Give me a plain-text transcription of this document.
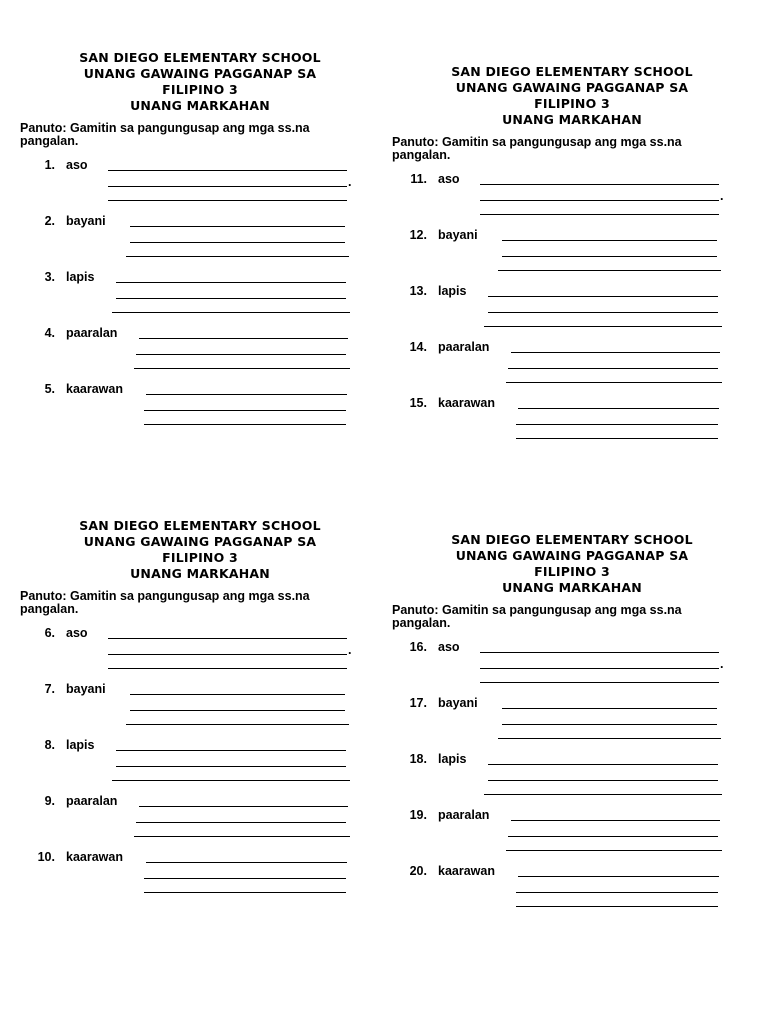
SAN DIEGO ELEMENTARY SCHOOL
UNANG GAWAING PAGGANAP SA
FILIPINO 3
UNANG MARKAHAN
Panuto: Gamitin sa pangungusap ang mga ss.na
pangalan.
1. aso
.
2. bayani
3. lapis
4. paaralan
5. kaarawan
SAN DIEGO ELEMENTARY SCHOOL
UNANG GAWAING PAGGANAP SA
FILIPINO 3
UNANG MARKAHAN
Panuto: Gamitin sa pangungusap ang mga ss.na
pangalan.
11. aso
.
12. bayani
13. lapis
14. paaralan
15. kaarawan
SAN DIEGO ELEMENTARY SCHOOL
UNANG GAWAING PAGGANAP SA
FILIPINO 3
UNANG MARKAHAN
Panuto: Gamitin sa pangungusap ang mga ss.na
pangalan.
6. aso
.
7. bayani
8. lapis
9. paaralan
10. kaarawan
SAN DIEGO ELEMENTARY SCHOOL
UNANG GAWAING PAGGANAP SA
FILIPINO 3
UNANG MARKAHAN
Panuto: Gamitin sa pangungusap ang mga ss.na
pangalan.
16. aso
.
17. bayani
18. lapis
19. paaralan
20. kaarawan
